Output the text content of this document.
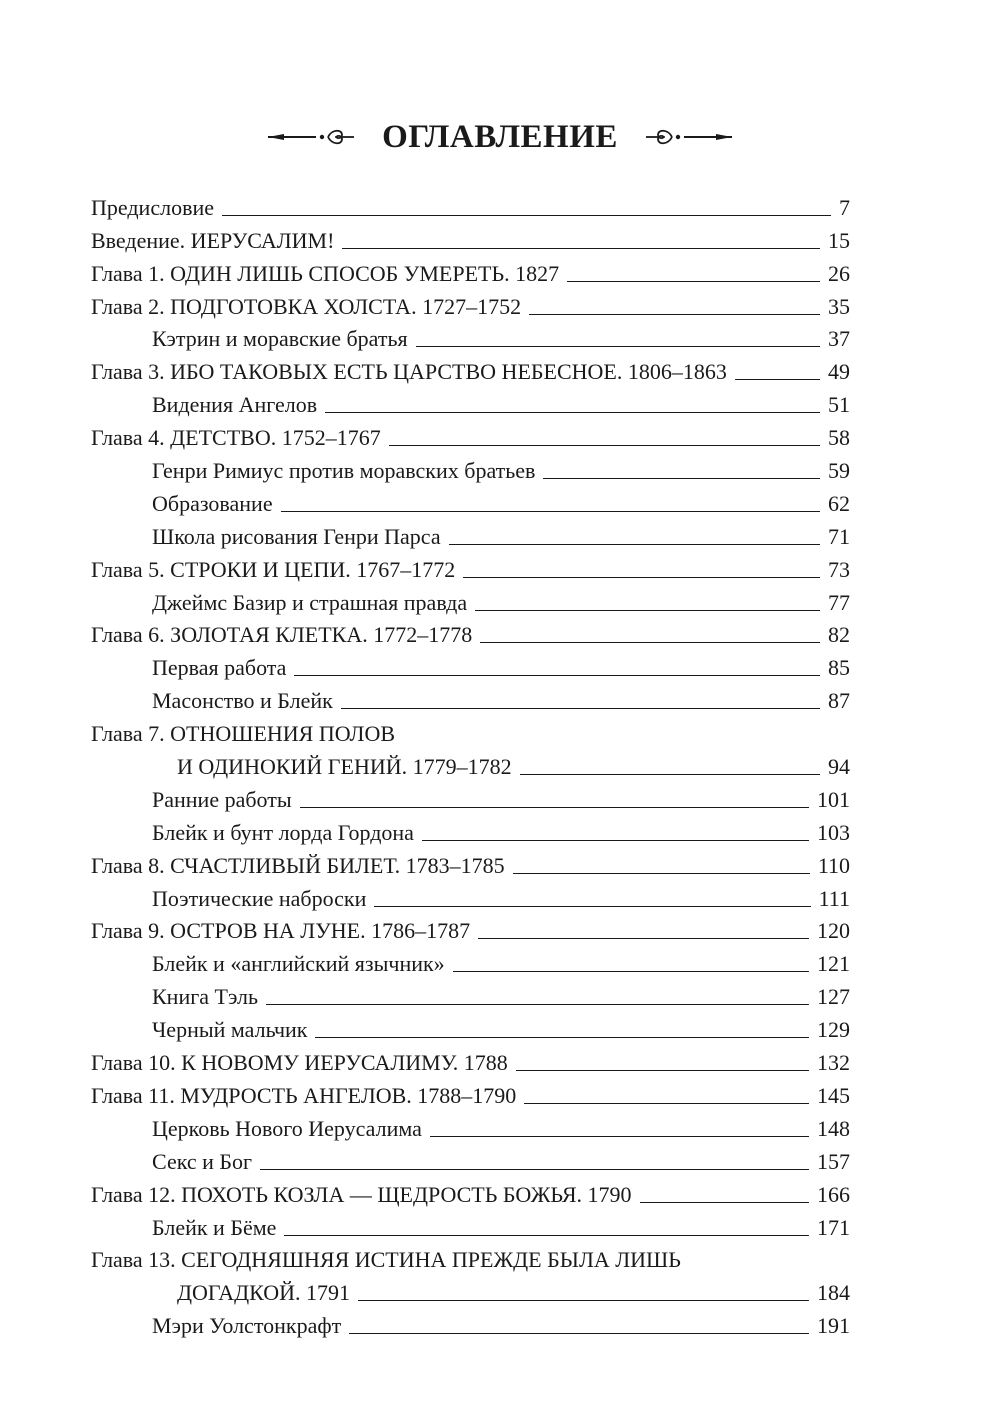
ОГЛАВЛЕНИЕ
Предисловие	7
Введение. ИЕРУСАЛИМ!	15
Глава 1. ОДИН ЛИШЬ СПОСОБ УМЕРЕТЬ. 1827	26
Глава 2. ПОДГОТОВКА ХОЛСТА. 1727–1752	35
Кэтрин и моравские братья	37
Глава 3. ИБО ТАКОВЫХ ЕСТЬ ЦАРСТВО НЕБЕСНОЕ. 1806–1863	49
Видения Ангелов	51
Глава 4. ДЕТСТВО. 1752–1767	58
Генри Римиус против моравских братьев	59
Образование	62
Школа рисования Генри Парса	71
Глава 5. СТРОКИ И ЦЕПИ. 1767–1772	73
Джеймс Базир и страшная правда	77
Глава 6. ЗОЛОТАЯ КЛЕТКА. 1772–1778	82
Первая работа	85
Масонство и Блейк	87
Глава 7. ОТНОШЕНИЯ ПОЛОВ
И ОДИНОКИЙ ГЕНИЙ. 1779–1782	94
Ранние работы	101
Блейк и бунт лорда Гордона	103
Глава 8. СЧАСТЛИВЫЙ БИЛЕТ. 1783–1785	110
Поэтические наброски	111
Глава 9. ОСТРОВ НА ЛУНЕ. 1786–1787	120
Блейк и «английский язычник»	121
Книга Тэль	127
Черный мальчик	129
Глава 10. К НОВОМУ ИЕРУСАЛИМУ. 1788	132
Глава 11. МУДРОСТЬ АНГЕЛОВ. 1788–1790	145
Церковь Нового Иерусалима	148
Секс и Бог	157
Глава 12. ПОХОТЬ КОЗЛА — ЩЕДРОСТЬ БОЖЬЯ. 1790	166
Блейк и Бёме	171
Глава 13. СЕГОДНЯШНЯЯ ИСТИНА ПРЕЖДЕ БЫЛА ЛИШЬ
ДОГАДКОЙ. 1791	184
Мэри Уолстонкрафт	191
